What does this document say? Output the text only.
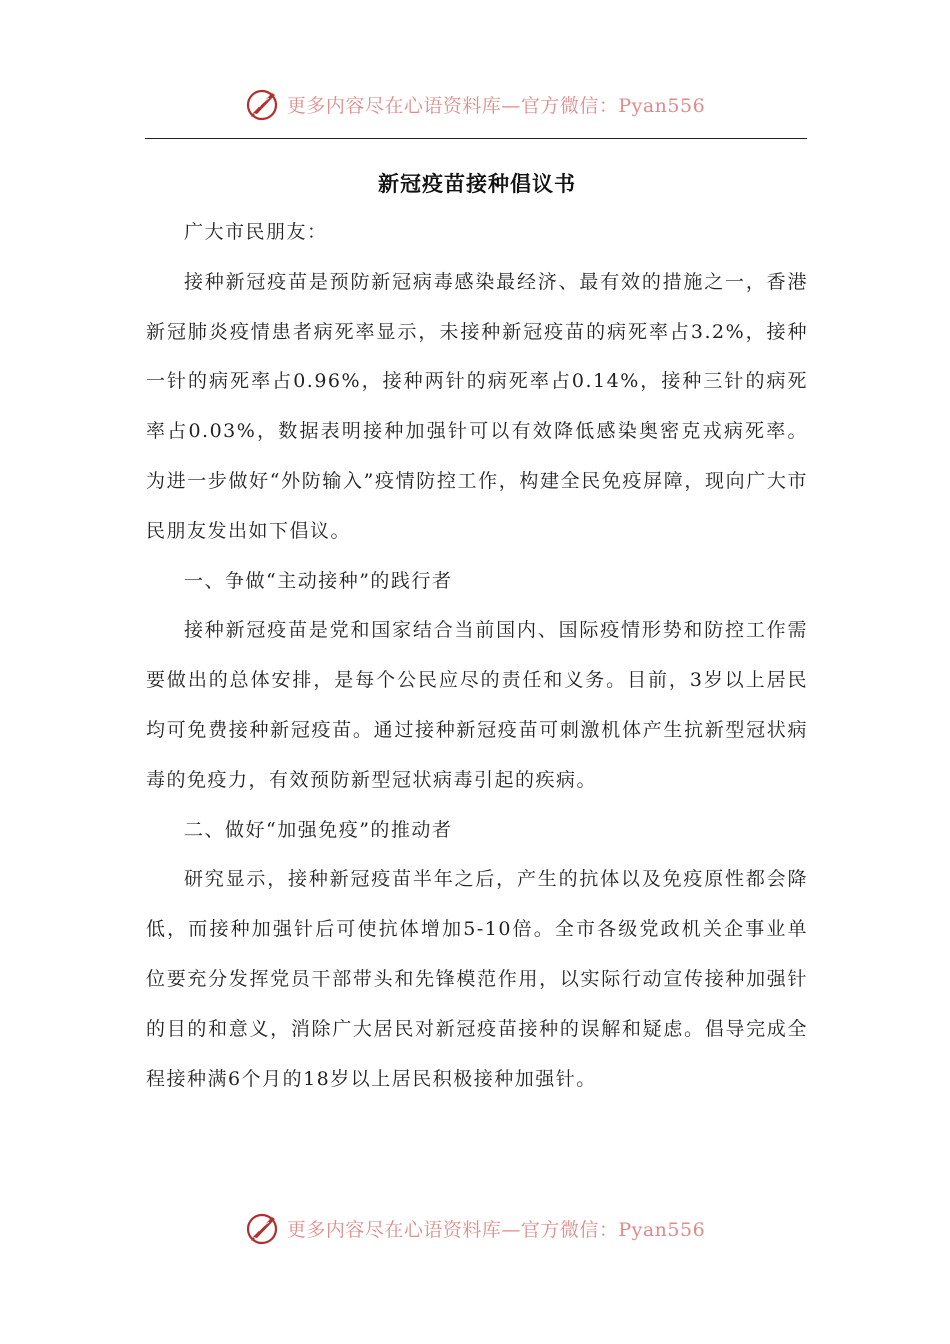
更多内容尽在心语资料库—官方微信：Pyan556
新冠疫苗接种倡议书
广大市民朋友：

接种新冠疫苗是预防新冠病毒感染最经济、最有效的措施之一，香港新冠肺炎疫情患者病死率显示，未接种新冠疫苗的病死率占3.2%，接种一针的病死率占0.96%，接种两针的病死率占0.14%，接种三针的病死率占0.03%，数据表明接种加强针可以有效降低感染奥密克戎病死率。为进一步做好“外防输入”疫情防控工作，构建全民免疫屏障，现向广大市民朋友发出如下倡议。

一、争做“主动接种”的践行者

接种新冠疫苗是党和国家结合当前国内、国际疫情形势和防控工作需要做出的总体安排，是每个公民应尽的责任和义务。目前，3岁以上居民均可免费接种新冠疫苗。通过接种新冠疫苗可刺激机体产生抗新型冠状病毒的免疫力，有效预防新型冠状病毒引起的疾病。

二、做好“加强免疫”的推动者

研究显示，接种新冠疫苗半年之后，产生的抗体以及免疫原性都会降低，而接种加强针后可使抗体增加5-10倍。全市各级党政机关企事业单位要充分发挥党员干部带头和先锋模范作用，以实际行动宣传接种加强针的目的和意义，消除广大居民对新冠疫苗接种的误解和疑虑。倡导完成全程接种满6个月的18岁以上居民积极接种加强针。

更多内容尽在心语资料库—官方微信：Pyan556
